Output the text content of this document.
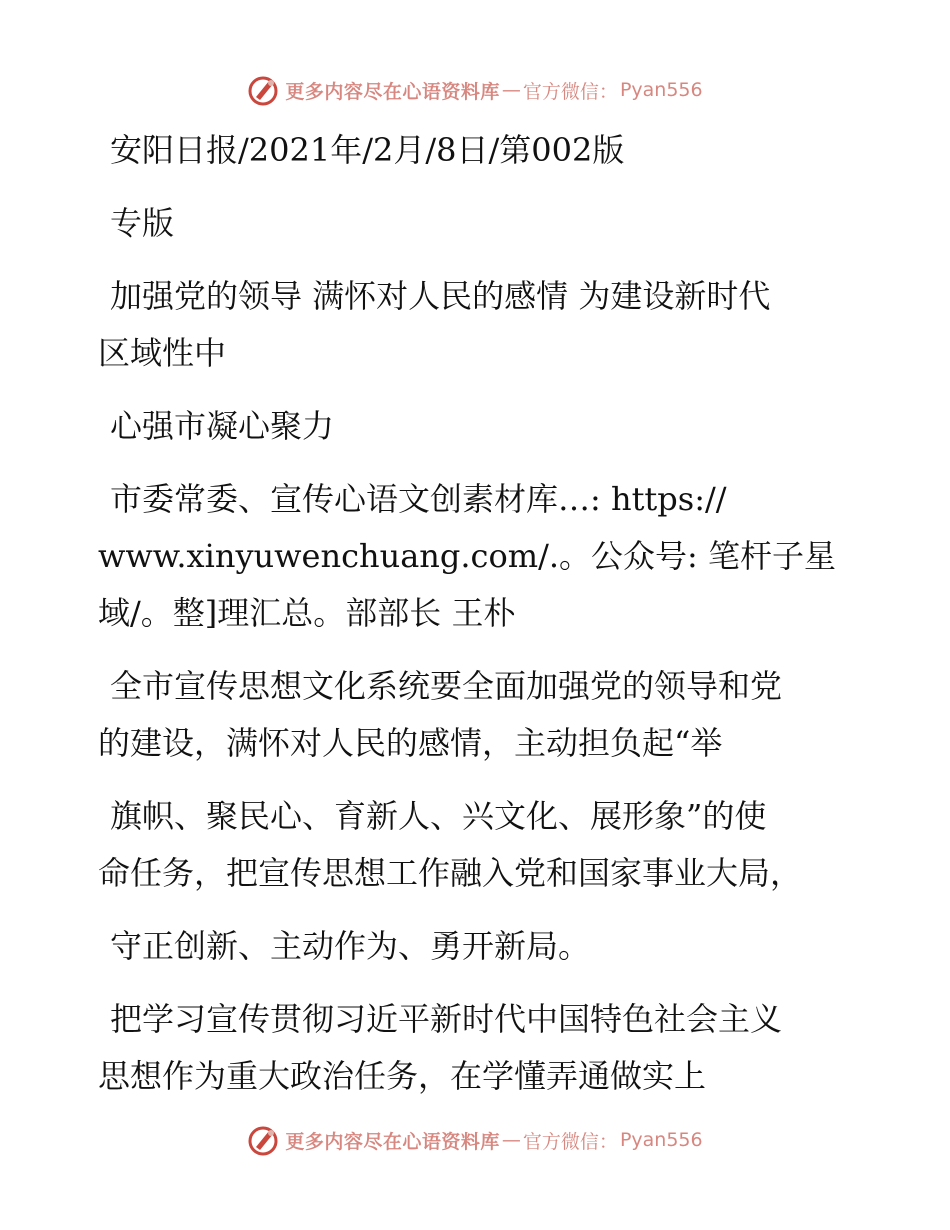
更多内容尽在心语资料库 — 官方微信： Pyan556

安阳日报/2021年/2月/8日/第002版

专版

加强党的领导 满怀对人民的感情 为建设新时代
区域性中

心强市凝心聚力

市委常委、宣传心语文创素材库…: https://
www.xinyuwenchuang.com/.。公众号: 笔杆子星
域/。整]理汇总。部部长 王朴

全市宣传思想文化系统要全面加强党的领导和党
的建设，满怀对人民的感情，主动担负起“举

旗帜、聚民心、育新人、兴文化、展形象”的使
命任务，把宣传思想工作融入党和国家事业大局，

守正创新、主动作为、勇开新局。

把学习宣传贯彻习近平新时代中国特色社会主义
思想作为重大政治任务，在学懂弄通做实上

更多内容尽在心语资料库 — 官方微信： Pyan556
